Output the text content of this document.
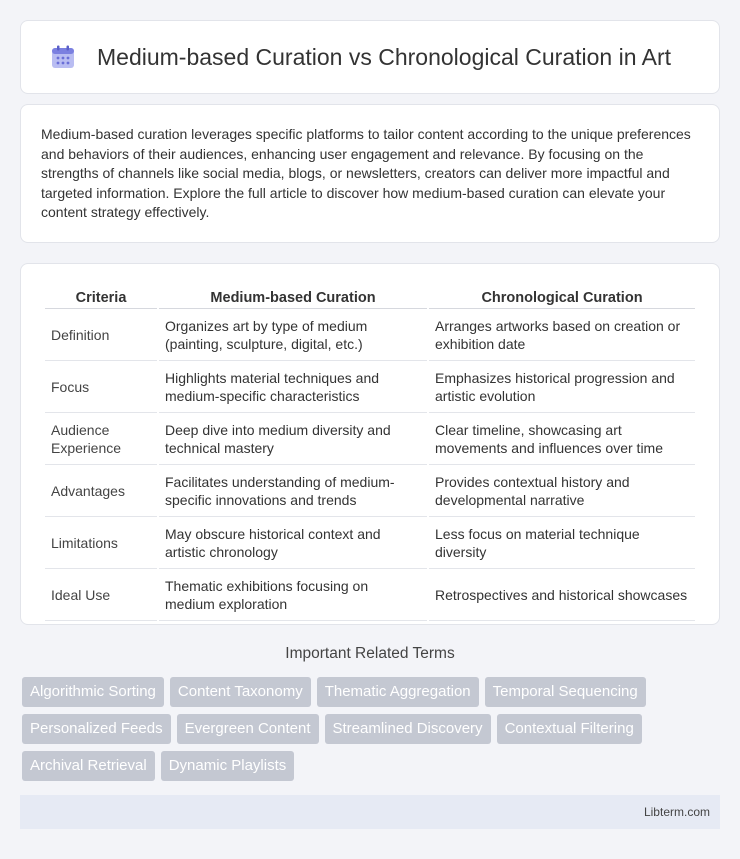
Medium-based Curation vs Chronological Curation in Art

Medium-based curation leverages specific platforms to tailor content according to the unique preferences and behaviors of their audiences, enhancing user engagement and relevance. By focusing on the strengths of channels like social media, blogs, or newsletters, creators can deliver more impactful and targeted information. Explore the full article to discover how medium-based curation can elevate your content strategy effectively.

Criteria	Medium-based Curation	Chronological Curation
Definition	Organizes art by type of medium (painting, sculpture, digital, etc.)	Arranges artworks based on creation or exhibition date
Focus	Highlights material techniques and medium-specific characteristics	Emphasizes historical progression and artistic evolution
Audience Experience	Deep dive into medium diversity and technical mastery	Clear timeline, showcasing art movements and influences over time
Advantages	Facilitates understanding of medium-specific innovations and trends	Provides contextual history and developmental narrative
Limitations	May obscure historical context and artistic chronology	Less focus on material technique diversity
Ideal Use	Thematic exhibitions focusing on medium exploration	Retrospectives and historical showcases
Important Related Terms
Algorithmic Sorting	Content Taxonomy	Thematic Aggregation	Temporal Sequencing
Personalized Feeds	Evergreen Content	Streamlined Discovery	Contextual Filtering
Archival Retrieval	Dynamic Playlists
Libterm.com
